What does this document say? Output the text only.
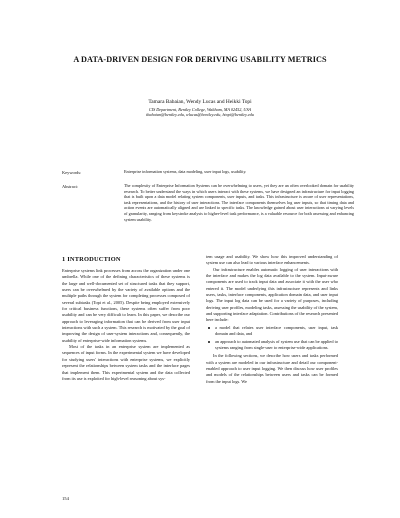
A DATA-DRIVEN DESIGN FOR DERIVING USABILITY METRICS

Tamara Babaian, Wendy Lucas and Heikki Topi

CIS Department, Bentley College, Waltham, MA 02452, USA
tbabaian@bentley.edu, wlucas@bentley.edu, htopi@bentley.edu
Keywords:	Enterprise information systems, data modeling, user input logs, usability.

Abstract:	The complexity of Enterprise Information Systems can be overwhelming to users, yet they are an often overlooked domain for usability research. To better understand the ways in which users interact with these systems, we have designed an infrastructure for input logging that is built upon a data model relating system components, user inputs, and tasks. This infrastructure is aware of user representations, task representations, and the history of user interactions. The interface components themselves log user inputs, so that timing data and action events are automatically aligned and are linked to specific tasks. The knowledge gained about user interactions at varying levels of granularity, ranging from keystroke analysis to higher-level task performance, is a valuable resource for both assessing and enhancing system usability.

1 INTRODUCTION

Enterprise systems link processes from across the organization under one umbrella. While one of the defining characteristics of these systems is the large and well-documented set of structured tasks that they support, users can be overwhelmed by the variety of available options and the multiple paths through the system for completing processes composed of several subtasks (Topi et al., 2005). Despite being employed extensively for critical business functions, these systems often suffer from poor usability and can be very difficult to learn. In this paper, we describe our approach to leveraging information that can be derived from user input interactions with such a system. This research is motivated by the goal of improving the design of user-system interactions and, consequently, the usability of enterprise-wide information systems.

Most of the tasks in an enterprise system are implemented as sequences of input forms. In the experimental system we have developed for studying users' interactions with enterprise systems, we explicitly represent the relationships between system tasks and the interface pages that implement them. This experimental system and the data collected from its use is exploited for high-level reasoning about sys-

tem usage and usability. We show how this improved understanding of system use can also lead to various interface enhancements.

Our infrastructure enables automatic logging of user interactions with the interface and makes the log data available to the system. Input-aware components are used to track input data and associate it with the user who entered it. The model underlying this infrastructure represents and links users, tasks, interface components, application domain data, and user input logs. The input log data can be used for a variety of purposes, including deriving user profiles, modeling tasks, assessing the usability of the system, and supporting interface adaptation. Contributions of the research presented here include:

a model that relates user interface components, user input, task domain and data, and
an approach to automated analysis of system use that can be applied to systems ranging from single-user to enterprise-wide applications.

In the following sections, we describe how users and tasks performed with a system are modeled in our infrastructure and detail our component-enabled approach to user input logging. We then discuss how user profiles and models of the relationships between users and tasks can be formed from the input logs. We

154
